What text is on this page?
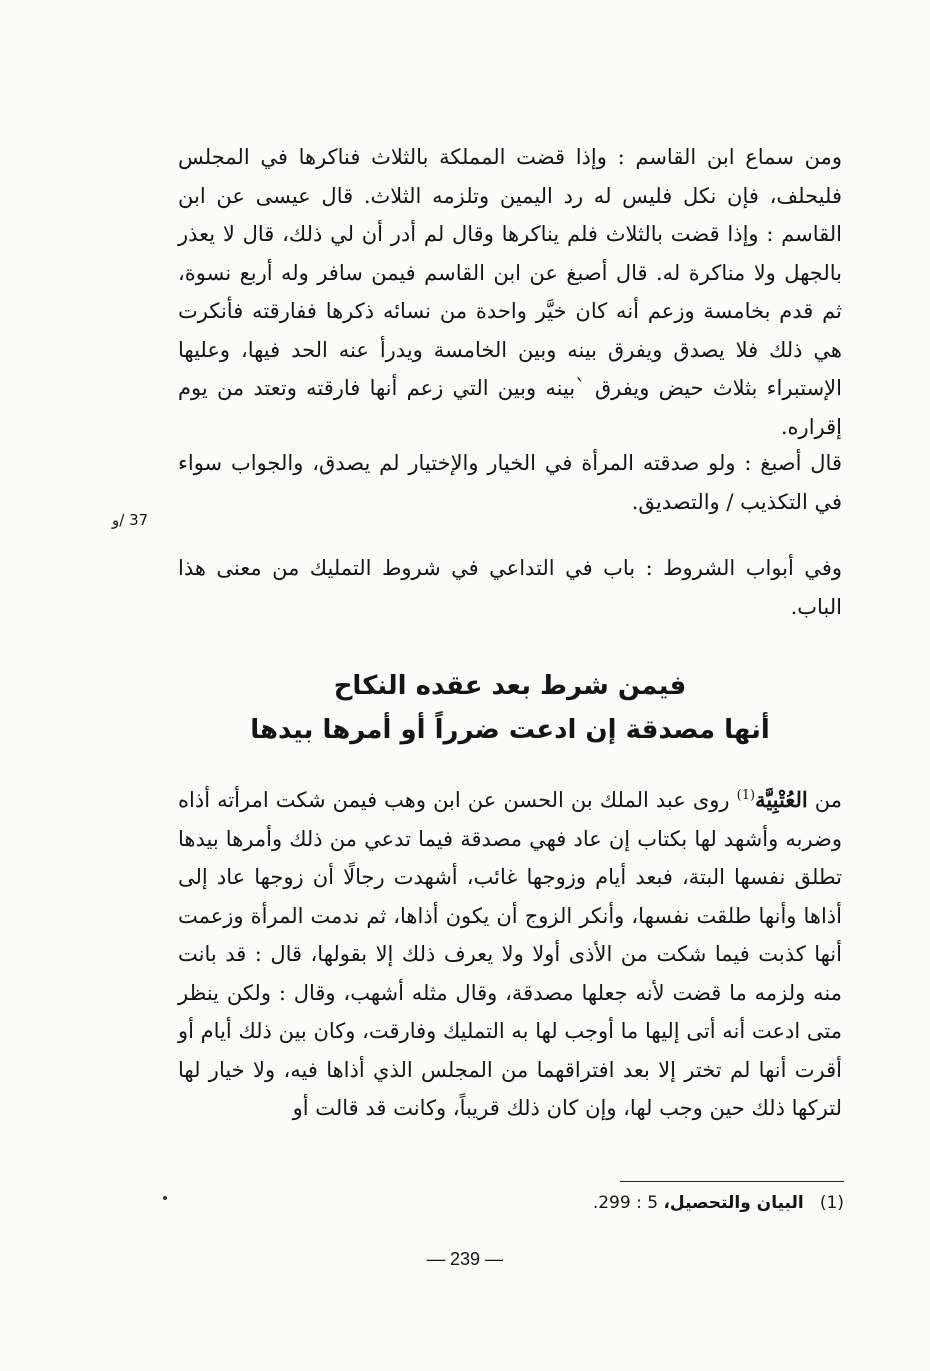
ومن سماع ابن القاسم : وإذا قضت المملكة بالثلاث فناكرها في المجلس فليحلف، فإن نكل فليس له رد اليمين وتلزمه الثلاث. قال عيسى عن ابن القاسم : وإذا قضت بالثلاث فلم يناكرها وقال لم أدر أن لي ذلك، قال لا يعذر بالجهل ولا مناكرة له. قال أصبغ عن ابن القاسم فيمن سافر وله أربع نسوة، ثم قدم بخامسة وزعم أنه كان خيَّر واحدة من نسائه ذكرها ففارقته فأنكرت هي ذلك فلا يصدق ويفرق بينه وبين الخامسة ويدرأ عنه الحد فيها، وعليها الإستبراء بثلاث حيض ويفرق `بينه وبين التي زعم أنها فارقته وتعتد من يوم إقراره.
قال أصبغ : ولو صدقته المرأة في الخيار والإختيار لم يصدق، والجواب سواء في التكذيب / والتصديق.
37 /و
وفي أبواب الشروط : باب في التداعي في شروط التمليك من معنى هذا الباب.
فيمن شرط بعد عقده النكاح
أنها مصدقة إن ادعت ضرراً أو أمرها بيدها
من العُتْبِيَّة$^{(1)}$ روى عبد الملك بن الحسن عن ابن وهب فيمن شكت امرأته أذاه وضربه وأشهد لها بكتاب إن عاد فهي مصدقة فيما تدعي من ذلك وأمرها بيدها تطلق نفسها البتة، فبعد أيام وزوجها غائب، أشهدت رجالًا أن زوجها عاد إلى أذاها وأنها طلقت نفسها، وأنكر الزوج أن يكون أذاها، ثم ندمت المرأة وزعمت أنها كذبت فيما شكت من الأذى أولا ولا يعرف ذلك إلا بقولها، قال : قد بانت منه ولزمه ما قضت لأنه جعلها مصدقة، وقال مثله أشهب، وقال : ولكن ينظر متى ادعت أنه أتى إليها ما أوجب لها به التمليك وفارقت، وكان بين ذلك أيام أو أقرت أنها لم تختر إلا بعد افتراقهما من المجلس الذي أذاها فيه، ولا خيار لها لتركها ذلك حين وجب لها، وإن كان ذلك قريباً، وكانت قد قالت أو
(1)   البيان والتحصيل، 5 : 299.
— 239 —
